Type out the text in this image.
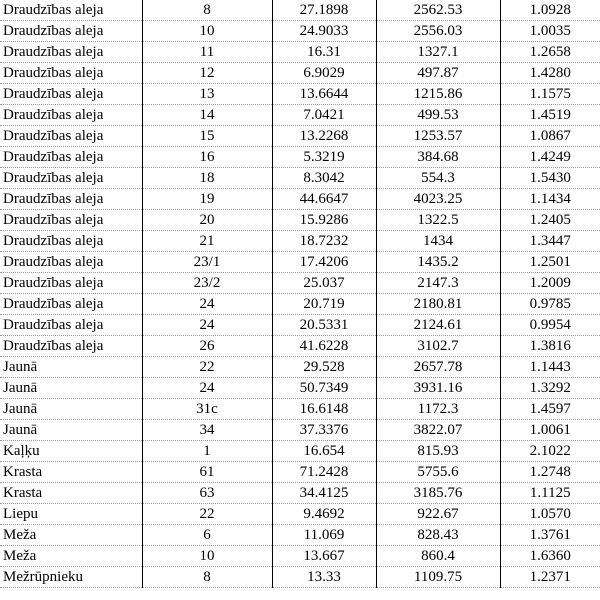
Draudzības aleja	8	27.1898	2562.53	1.0928
Draudzības aleja	10	24.9033	2556.03	1.0035
Draudzības aleja	11	16.31	1327.1	1.2658
Draudzības aleja	12	6.9029	497.87	1.4280
Draudzības aleja	13	13.6644	1215.86	1.1575
Draudzības aleja	14	7.0421	499.53	1.4519
Draudzības aleja	15	13.2268	1253.57	1.0867
Draudzības aleja	16	5.3219	384.68	1.4249
Draudzības aleja	18	8.3042	554.3	1.5430
Draudzības aleja	19	44.6647	4023.25	1.1434
Draudzības aleja	20	15.9286	1322.5	1.2405
Draudzības aleja	21	18.7232	1434	1.3447
Draudzības aleja	23/1	17.4206	1435.2	1.2501
Draudzības aleja	23/2	25.037	2147.3	1.2009
Draudzības aleja	24	20.719	2180.81	0.9785
Draudzības aleja	24	20.5331	2124.61	0.9954
Draudzības aleja	26	41.6228	3102.7	1.3816
Jaunā	22	29.528	2657.78	1.1443
Jaunā	24	50.7349	3931.16	1.3292
Jaunā	31c	16.6148	1172.3	1.4597
Jaunā	34	37.3376	3822.07	1.0061
Kaļķu	1	16.654	815.93	2.1022
Krasta	61	71.2428	5755.6	1.2748
Krasta	63	34.4125	3185.76	1.1125
Liepu	22	9.4692	922.67	1.0570
Meža	6	11.069	828.43	1.3761
Meža	10	13.667	860.4	1.6360
Mežrūpnieku	8	13.33	1109.75	1.2371
